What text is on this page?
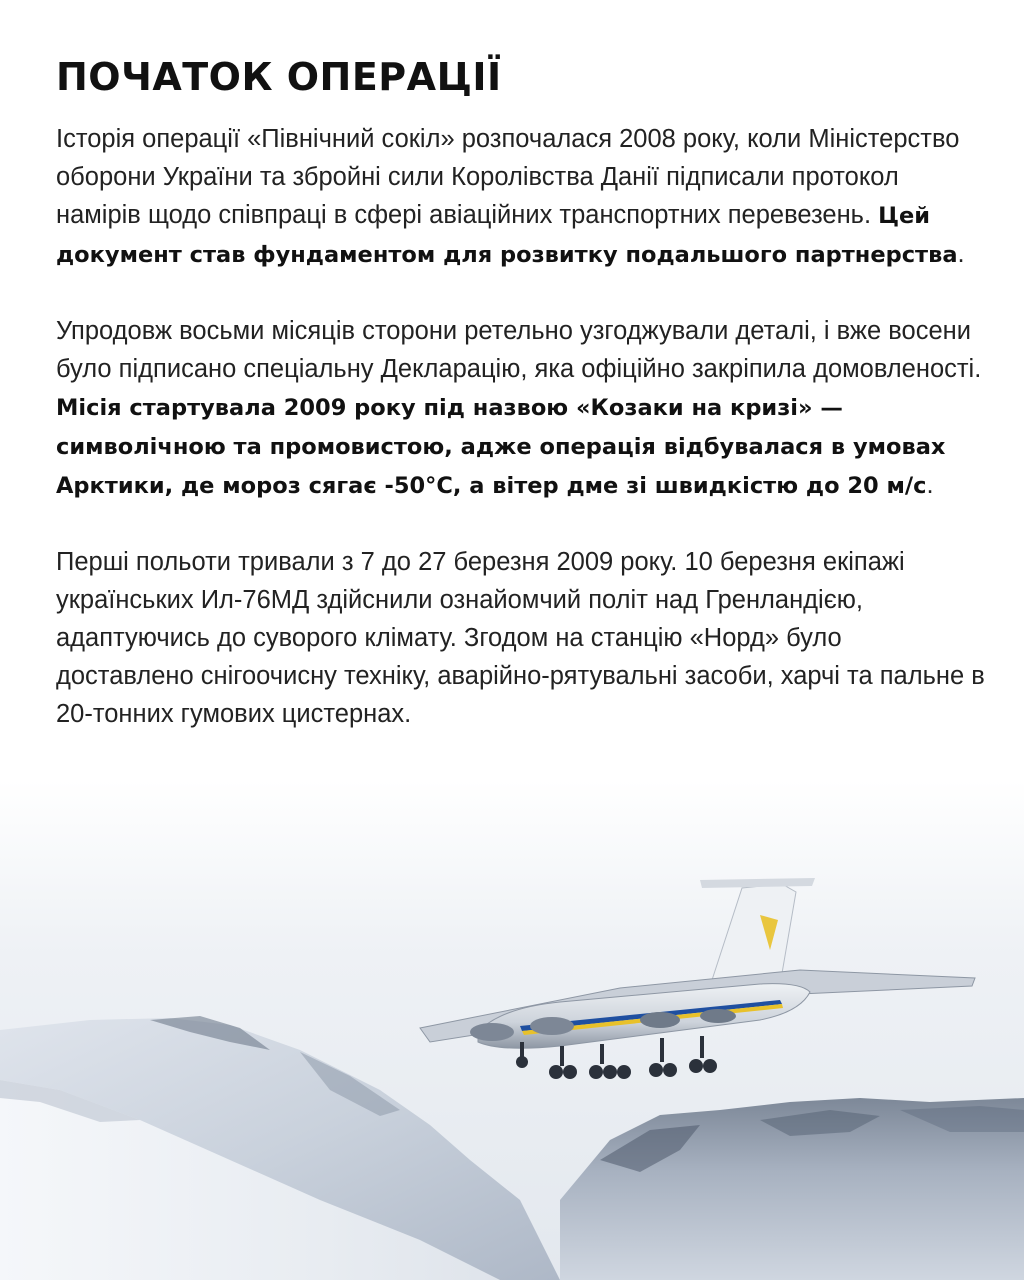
ПОЧАТОК ОПЕРАЦІЇ

Історія операції «Північний сокіл» розпочалася 2008 року, коли Міністерство оборони України та збройні сили Королівства Данії підписали протокол намірів щодо співпраці в сфері авіаційних транспортних перевезень. Цей документ став фундаментом для розвитку подальшого партнерства.

Упродовж восьми місяців сторони ретельно узгоджували деталі, і вже восени було підписано спеціальну Декларацію, яка офіційно закріпила домовленості. Місія стартувала 2009 року під назвою «Козаки на кризі» — символічною та промовистою, адже операція відбувалася в умовах Арктики, де мороз сягає -50°C, а вітер дме зі швидкістю до 20 м/с.

Перші польоти тривали з 7 до 27 березня 2009 року. 10 березня екіпажі українських Ил-76МД здійснили ознайомчий політ над Гренландією, адаптуючись до суворого клімату. Згодом на станцію «Норд» було доставлено снігоочисну техніку, аварійно-рятувальні засоби, харчі та пальне в 20-тонних гумових цистернах.
